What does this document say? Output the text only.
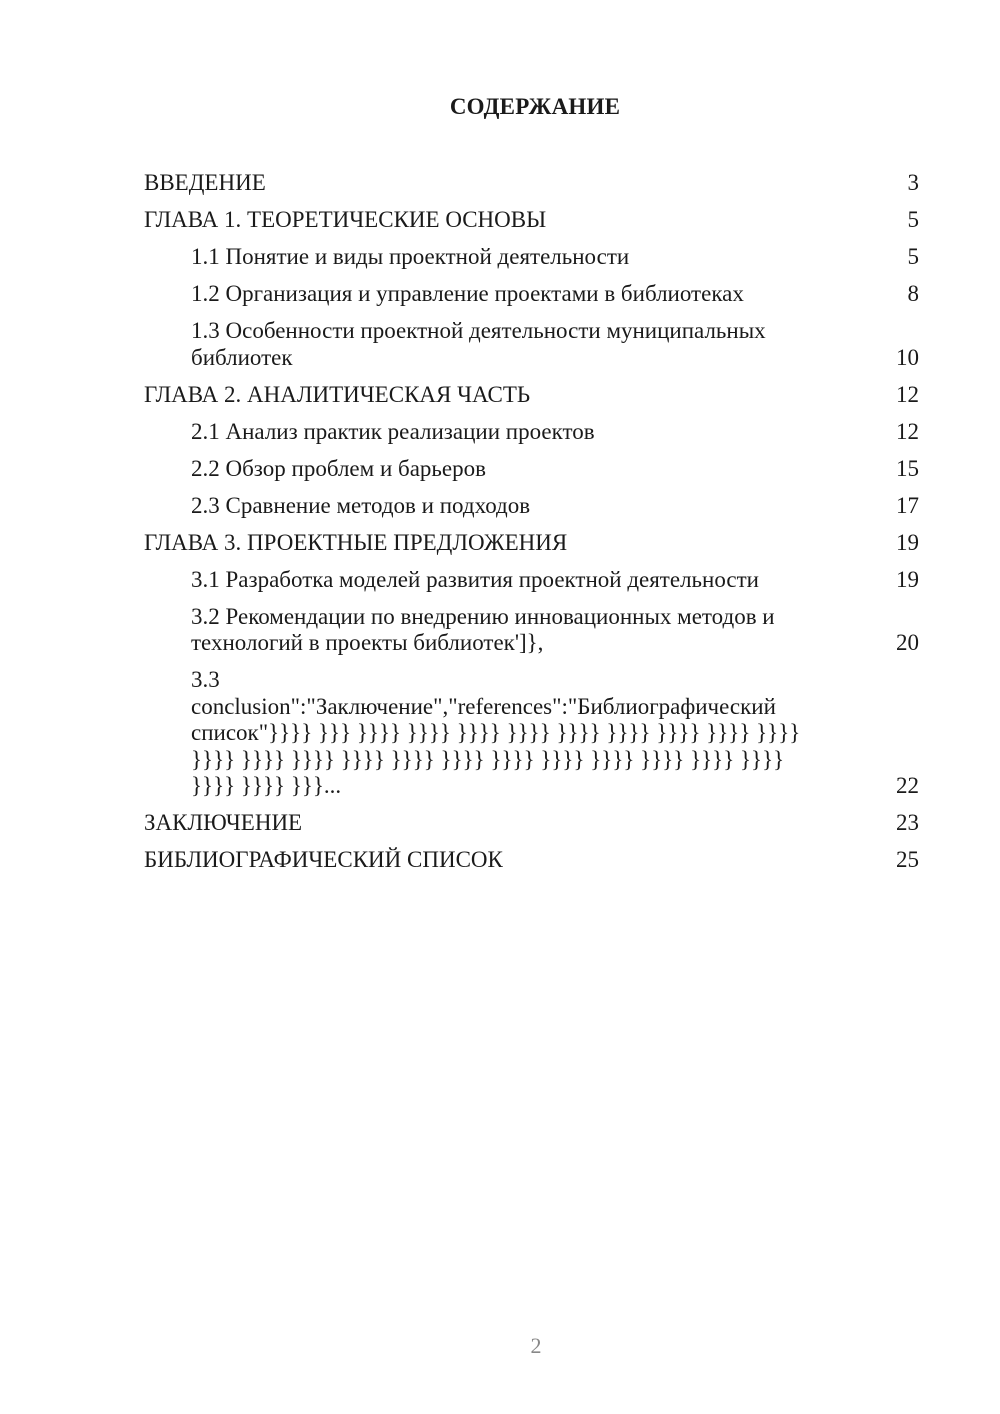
СОДЕРЖАНИЕ
ВВЕДЕНИЕ	3
ГЛАВА 1. ТЕОРЕТИЧЕСКИЕ ОСНОВЫ	5
1.1 Понятие и виды проектной деятельности	5
1.2 Организация и управление проектами в библиотеках	8
1.3 Особенности проектной деятельности муниципальных
библиотек	10
ГЛАВА 2. АНАЛИТИЧЕСКАЯ ЧАСТЬ	12
2.1 Анализ практик реализации проектов	12
2.2 Обзор проблем и барьеров	15
2.3 Сравнение методов и подходов	17
ГЛАВА 3. ПРОЕКТНЫЕ ПРЕДЛОЖЕНИЯ	19
3.1 Разработка моделей развития проектной деятельности	19
3.2 Рекомендации по внедрению инновационных методов и
технологий в проекты библиотек']},	20
3.3
conclusion":"Заключение","references":"Библиографический
список"}}}} }}} }}}} }}}} }}}} }}}} }}}} }}}} }}}} }}}} }}}}
}}}} }}}} }}}} }}}} }}}} }}}} }}}} }}}} }}}} }}}} }}}} }}}}
}}}} }}}} }}}...	22
ЗАКЛЮЧЕНИЕ	23
БИБЛИОГРАФИЧЕСКИЙ СПИСОК	25
2
